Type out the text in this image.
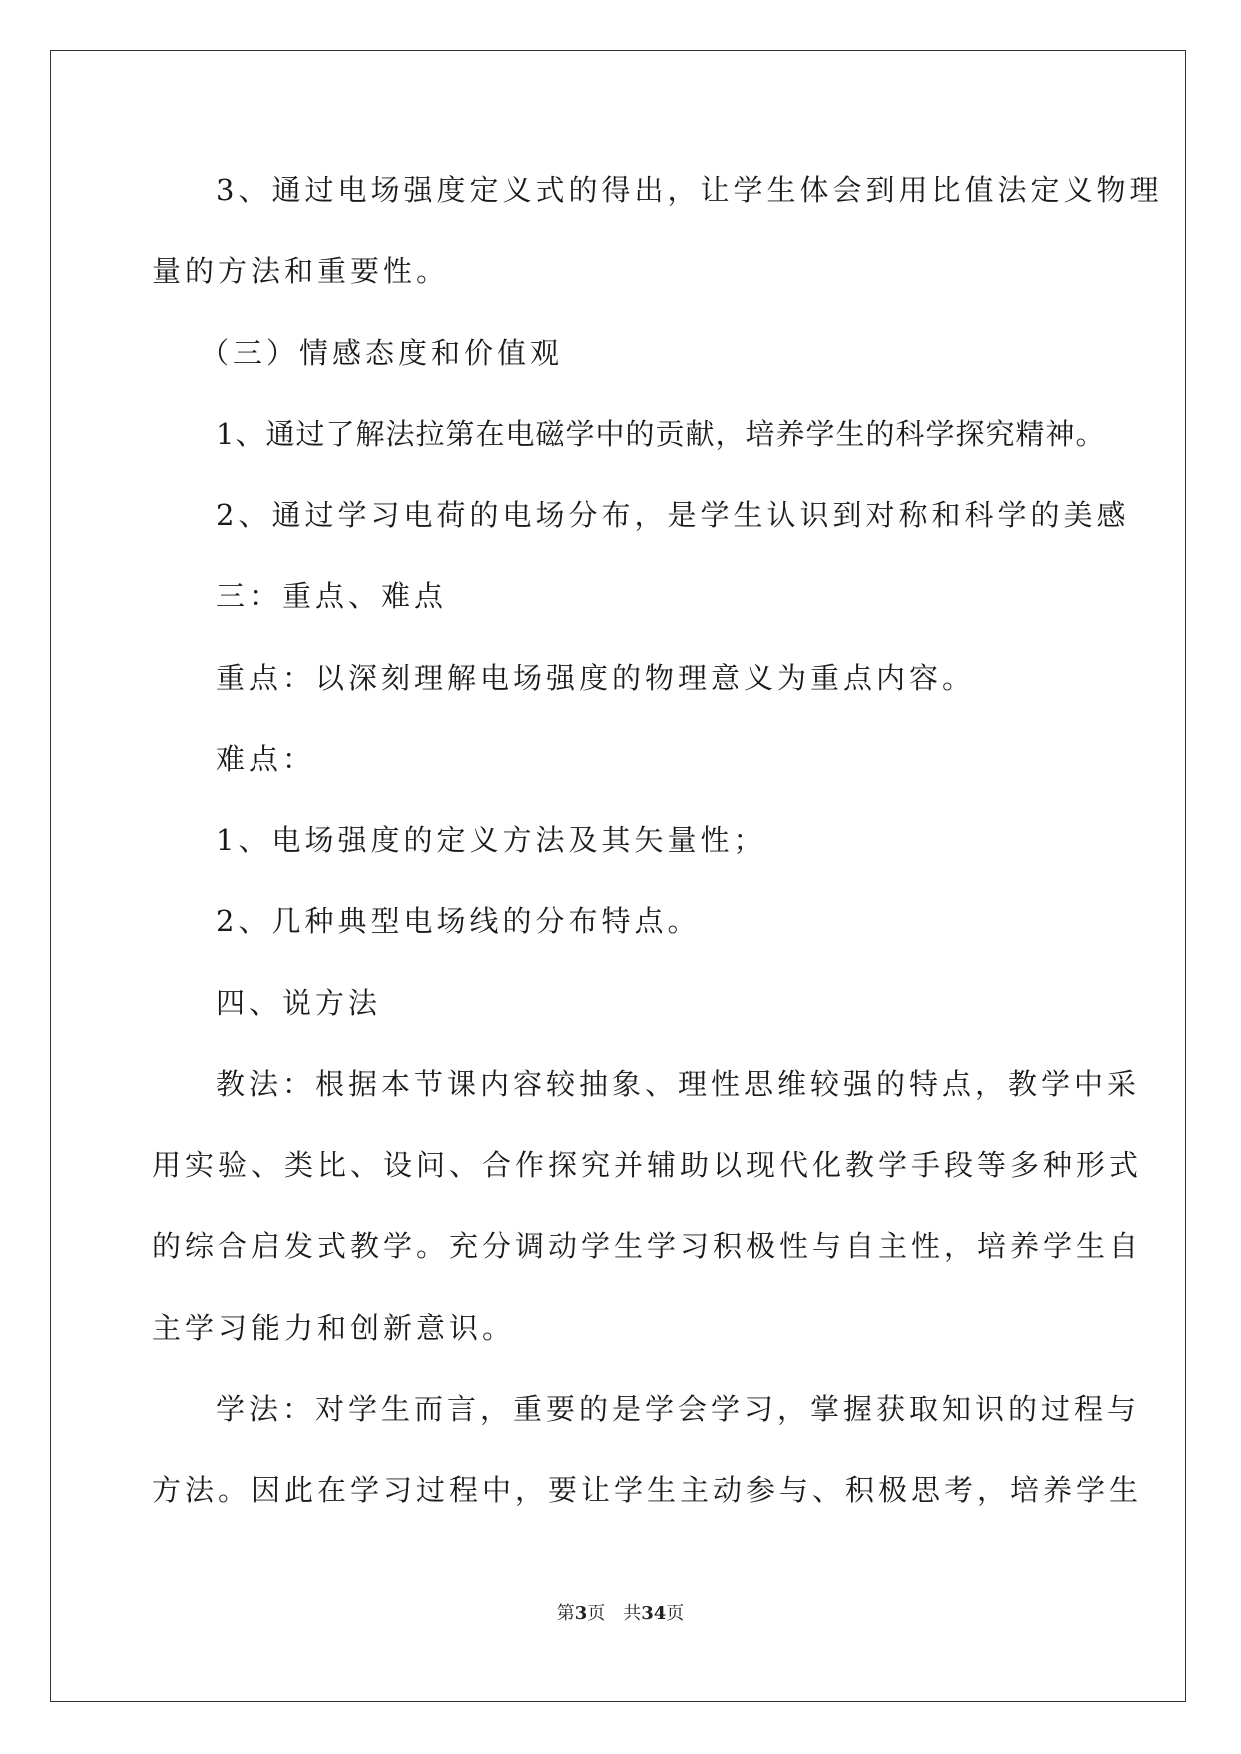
3、通过电场强度定义式的得出，让学生体会到用比值法定义物理
量的方法和重要性。
（三）情感态度和价值观
1、通过了解法拉第在电磁学中的贡献，培养学生的科学探究精神。
2、通过学习电荷的电场分布，是学生认识到对称和科学的美感
三：重点、难点
重点：以深刻理解电场强度的物理意义为重点内容。
难点：
1、电场强度的定义方法及其矢量性；
2、几种典型电场线的分布特点。
四、说方法
教法：根据本节课内容较抽象、理性思维较强的特点，教学中采
用实验、类比、设问、合作探究并辅助以现代化教学手段等多种形式
的综合启发式教学。充分调动学生学习积极性与自主性，培养学生自
主学习能力和创新意识。
学法：对学生而言，重要的是学会学习，掌握获取知识的过程与
方法。因此在学习过程中，要让学生主动参与、积极思考，培养学生
第3页 共34页
